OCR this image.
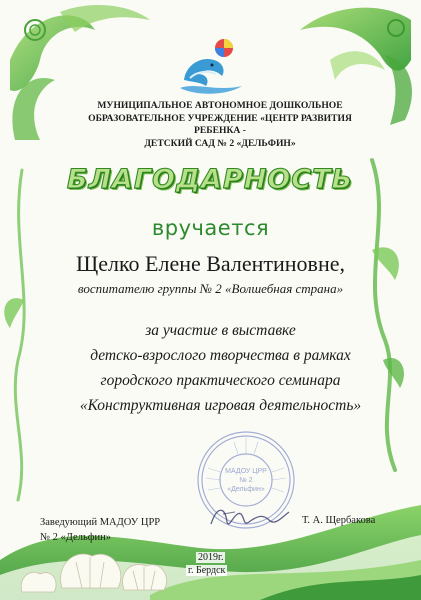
МУНИЦИПАЛЬНОЕ АВТОНОМНОЕ ДОШКОЛЬНОЕ
ОБРАЗОВАТЕЛЬНОЕ УЧРЕЖДЕНИЕ «ЦЕНТР РАЗВИТИЯ РЕБЕНКА -
ДЕТСКИЙ САД № 2 «ДЕЛЬФИН»
БЛАГОДАРНОСТЬ
вручается
Щелко Елене Валентиновне,
воспитателю группы № 2 «Волшебная страна»
за участие в выставке
детско-взрослого творчества в рамках
городского практического семинара
«Конструктивная игровая деятельность»
МАДОУ ЦРР
№ 2
«Дельфин»
Заведующий МАДОУ ЦРР
№ 2 «Дельфин»
Т. А. Щербакова
2019г.
г. Бердск
